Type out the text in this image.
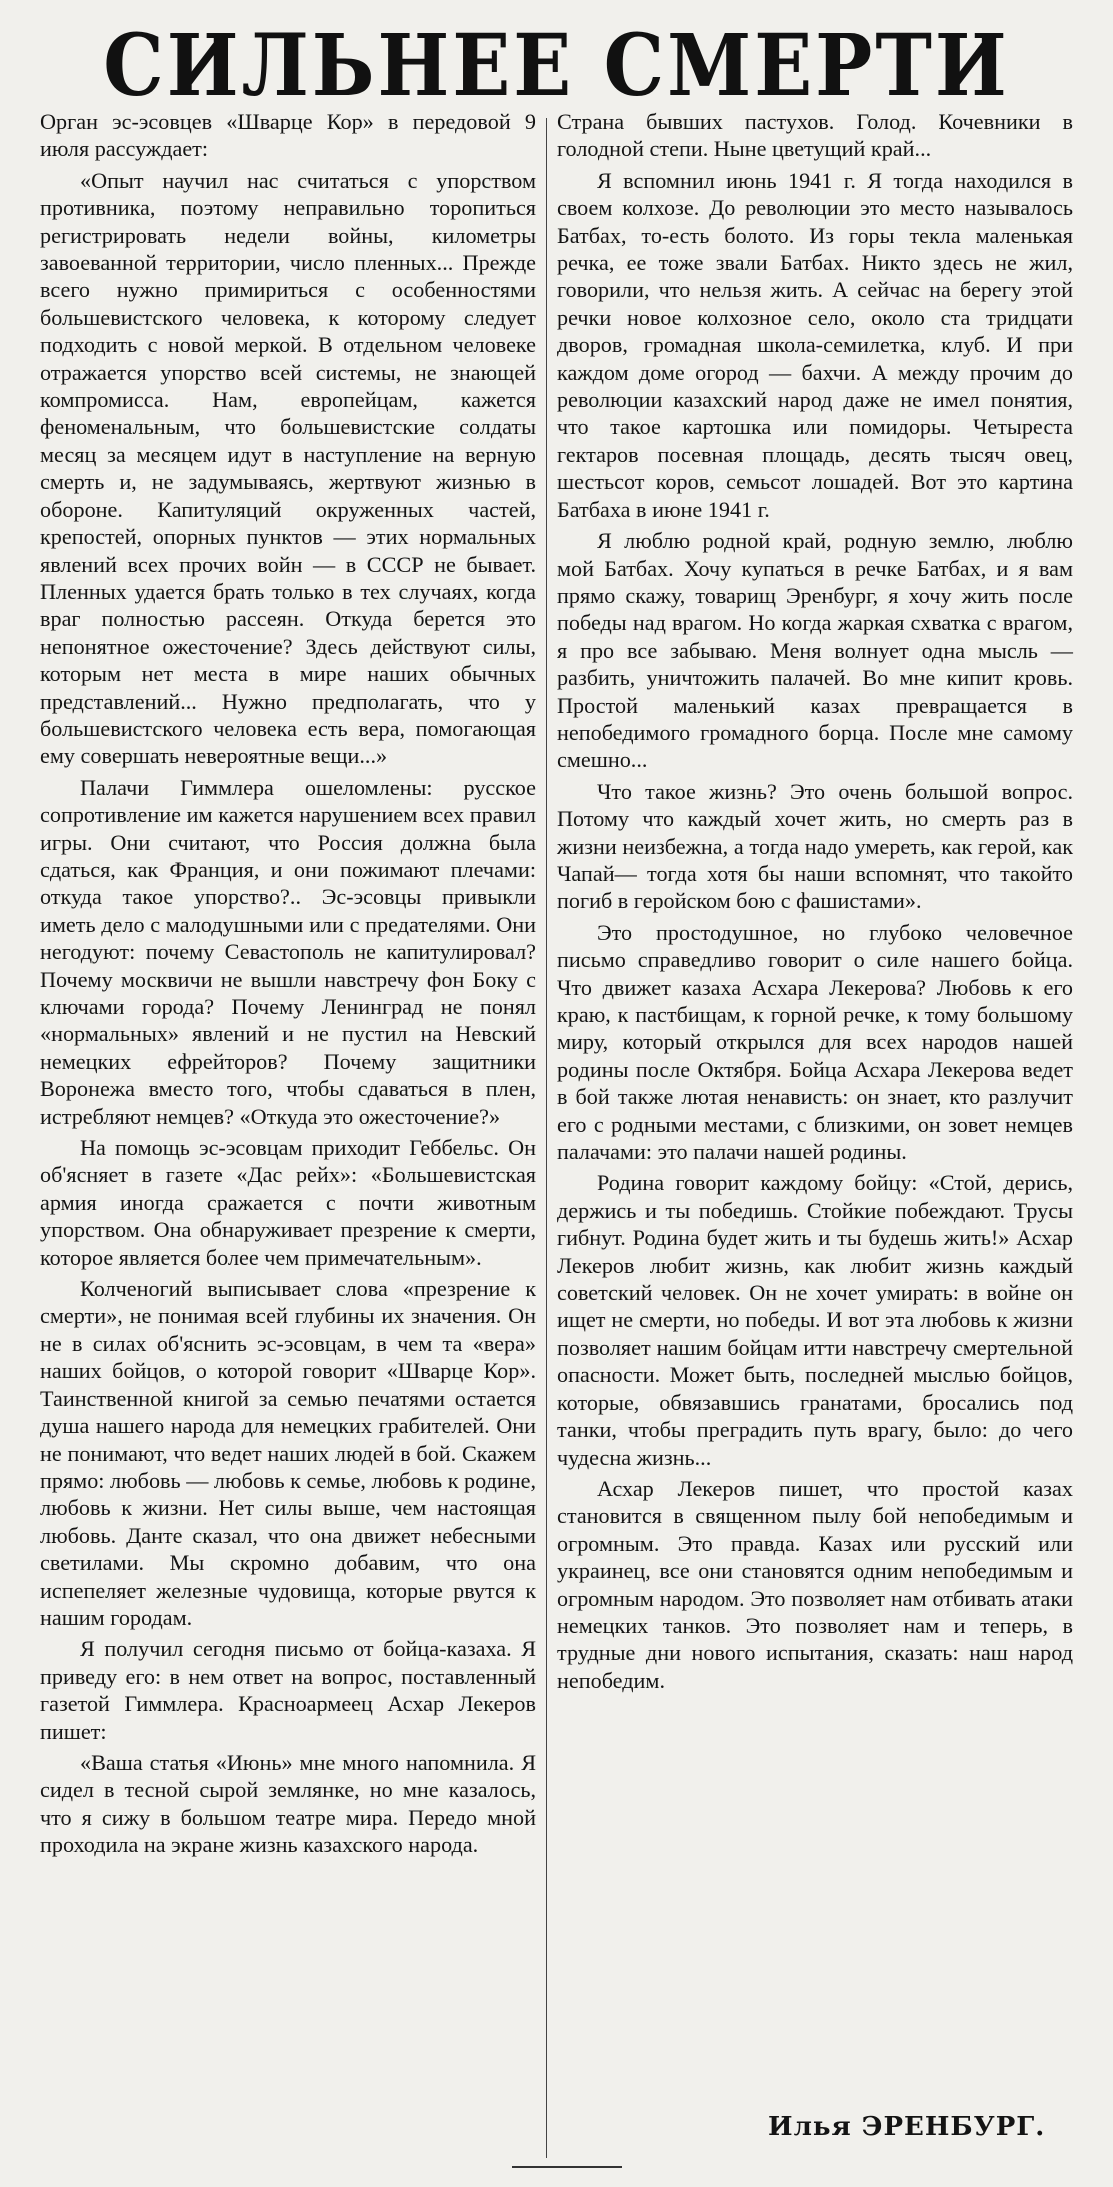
СИЛЬНЕЕ СМЕРТИ

Орган эс-эсовцев «Шварце Кор» в передовой 9 июля рассуждает:

«Опыт научил нас считаться с упорством противника, поэтому неправильно торопиться регистрировать недели войны, километры завоеванной территории, число пленных... Прежде всего нужно примириться с особенностями большевистского человека, к которому следует подходить с новой меркой. В отдельном человеке отражается упорство всей системы, не знающей компромисса. Нам, европейцам, кажется феноменальным, что большевистские солдаты месяц за месяцем идут в наступление на верную смерть и, не задумываясь, жертвуют жизнью в обороне. Капитуляций окруженных частей, крепостей, опорных пунктов — этих нормальных явлений всех прочих войн — в СССР не бывает. Пленных удается брать только в тех случаях, когда враг полностью рассеян. Откуда берется это непонятное ожесточение? Здесь действуют силы, которым нет места в мире наших обычных представлений... Нужно предполагать, что у большевистского человека есть вера, помогающая ему совершать невероятные вещи...»

Палачи Гиммлера ошеломлены: русское сопротивление им кажется нарушением всех правил игры. Они считают, что Россия должна была сдаться, как Франция, и они пожимают плечами: откуда такое упорство?.. Эс-эсовцы привыкли иметь дело с малодушными или с предателями. Они негодуют: почему Севастополь не капитулировал? Почему москвичи не вышли навстречу фон Боку с ключами города? Почему Ленинград не понял «нормальных» явлений и не пустил на Невский немецких ефрейторов? Почему защитники Воронежа вместо того, чтобы сдаваться в плен, истребляют немцев? «Откуда это ожесточение?»

На помощь эс-эсовцам приходит Геббельс. Он об'ясняет в газете «Дас рейх»: «Большевистская армия иногда сражается с почти животным упорством. Она обнаруживает презрение к смерти, которое является более чем примечательным».

Колченогий выписывает слова «презрение к смерти», не понимая всей глубины их значения. Он не в силах об'яснить эс-эсовцам, в чем та «вера» наших бойцов, о которой говорит «Шварце Кор». Таинственной книгой за семью печатями остается душа нашего народа для немецких грабителей. Они не понимают, что ведет наших людей в бой. Скажем прямо: любовь — любовь к семье, любовь к родине, любовь к жизни. Нет силы выше, чем настоящая любовь. Данте сказал, что она движет небесными светилами. Мы скромно добавим, что она испепеляет железные чудовища, которые рвутся к нашим городам.

Я получил сегодня письмо от бойца-казаха. Я приведу его: в нем ответ на вопрос, поставленный газетой Гиммлера. Красноармеец Асхар Лекеров пишет:

«Ваша статья «Июнь» мне много напомнила. Я сидел в тесной сырой землянке, но мне казалось, что я сижу в большом театре мира. Передо мной проходила на экране жизнь казахского народа.

Страна бывших пастухов. Голод. Кочевники в голодной степи. Ныне цветущий край...

Я вспомнил июнь 1941 г. Я тогда находился в своем колхозе. До революции это место называлось Батбах, то-есть болото. Из горы текла маленькая речка, ее тоже звали Батбах. Никто здесь не жил, говорили, что нельзя жить. А сейчас на берегу этой речки новое колхозное село, около ста тридцати дворов, громадная школа-семилетка, клуб. И при каждом доме огород — бахчи. А между прочим до революции казахский народ даже не имел понятия, что такое картошка или помидоры. Четыреста гектаров посевная площадь, десять тысяч овец, шестьсот коров, семьсот лошадей. Вот это картина Батбаха в июне 1941 г.

Я люблю родной край, родную землю, люблю мой Батбах. Хочу купаться в речке Батбах, и я вам прямо скажу, товарищ Эренбург, я хочу жить после победы над врагом. Но когда жаркая схватка с врагом, я про все забываю. Меня волнует одна мысль — разбить, уничтожить палачей. Во мне кипит кровь. Простой маленький казах превращается в непобедимого громадного борца. После мне самому смешно...

Что такое жизнь? Это очень большой вопрос. Потому что каждый хочет жить, но смерть раз в жизни неизбежна, а тогда надо умереть, как герой, как Чапай— тогда хотя бы наши вспомнят, что такойто погиб в геройском бою с фашистами».

Это простодушное, но глубоко человечное письмо справедливо говорит о силе нашего бойца. Что движет казаха Асхара Лекерова? Любовь к его краю, к пастбищам, к горной речке, к тому большому миру, который открылся для всех народов нашей родины после Октября. Бойца Асхара Лекерова ведет в бой также лютая ненависть: он знает, кто разлучит его с родными местами, с близкими, он зовет немцев палачами: это палачи нашей родины.

Родина говорит каждому бойцу: «Стой, дерись, держись и ты победишь. Стойкие побеждают. Трусы гибнут. Родина будет жить и ты будешь жить!» Асхар Лекеров любит жизнь, как любит жизнь каждый советский человек. Он не хочет умирать: в войне он ищет не смерти, но победы. И вот эта любовь к жизни позволяет нашим бойцам итти навстречу смертельной опасности. Может быть, последней мыслью бойцов, которые, обвязавшись гранатами, бросались под танки, чтобы преградить путь врагу, было: до чего чудесна жизнь...

Асхар Лекеров пишет, что простой казах становится в священном пылу бой непобедимым и огромным. Это правда. Казах или русский или украинец, все они становятся одним непобедимым и огромным народом. Это позволяет нам отбивать атаки немецких танков. Это позволяет нам и теперь, в трудные дни нового испытания, сказать: наш народ непобедим.

Илья ЭРЕНБУРГ.
